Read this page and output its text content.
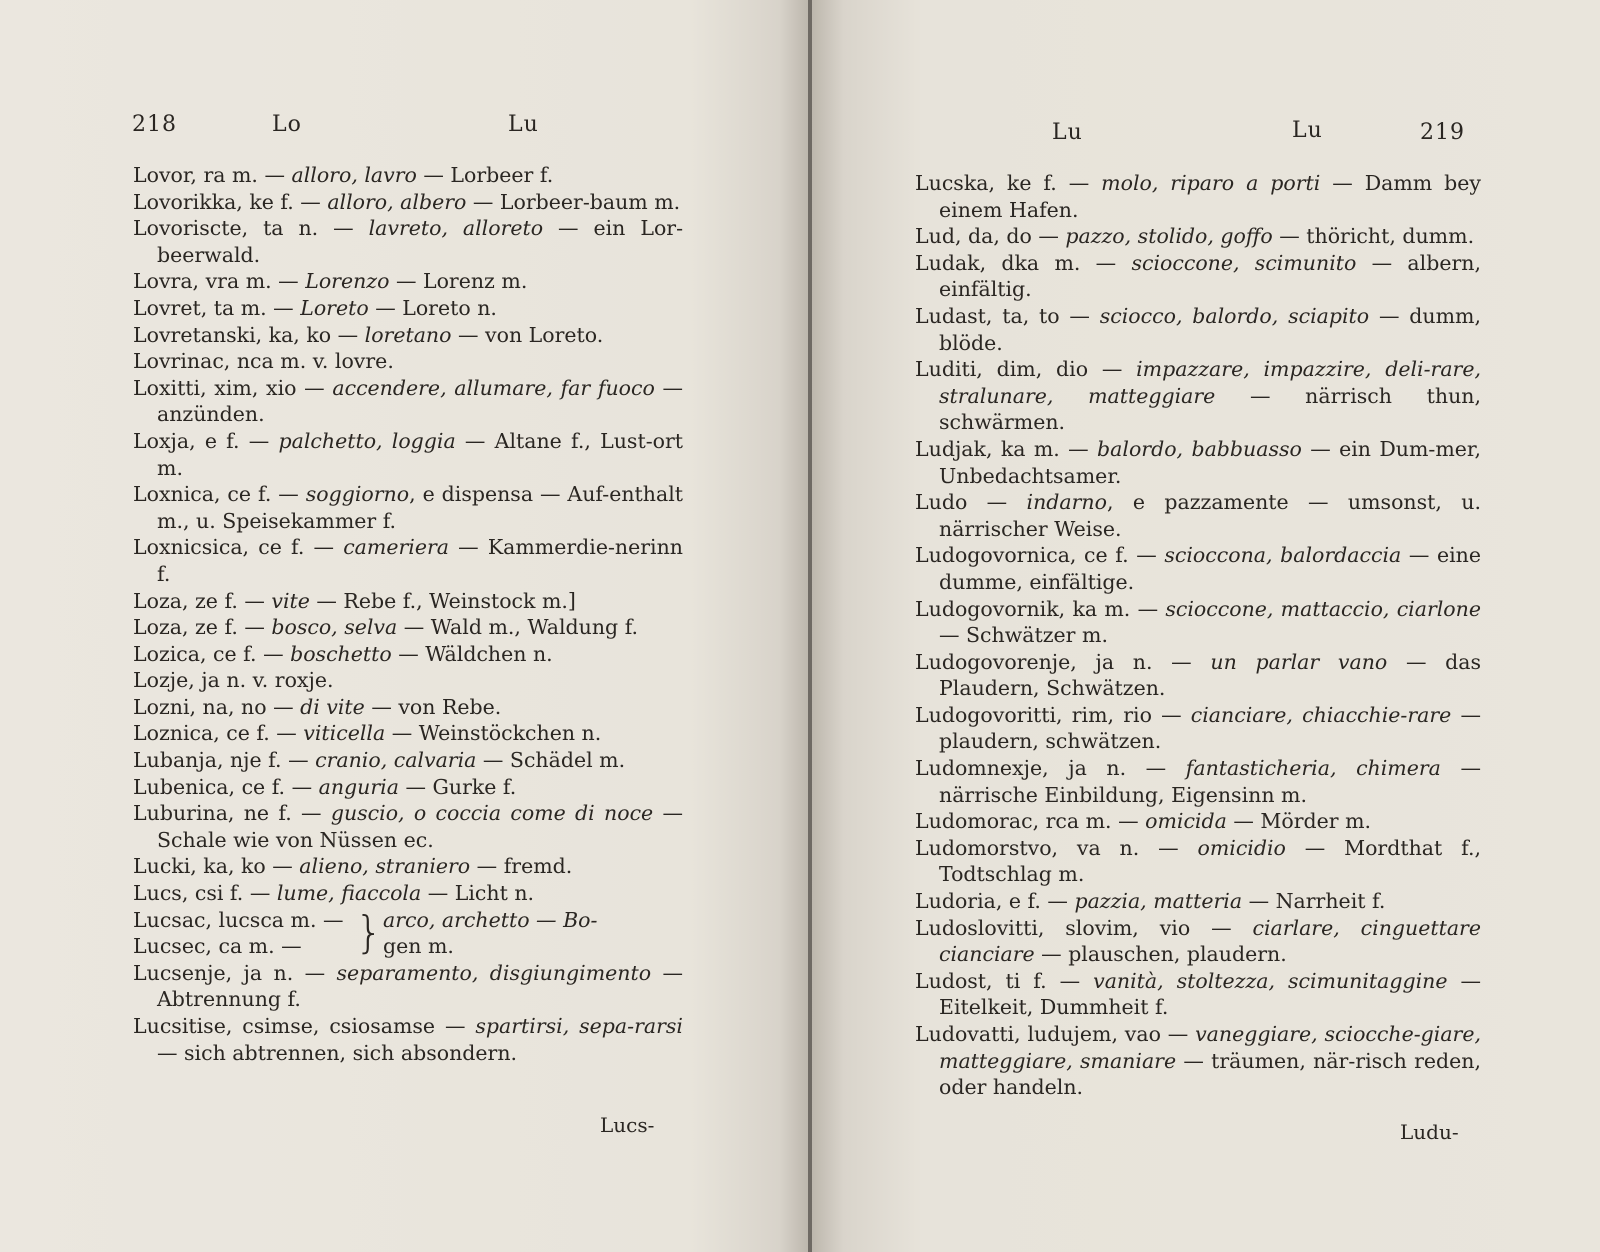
218	Lo	Lu
Lovor, ra m. — alloro, lavro — Lorbeer f.
Lovorikka, ke f. — alloro, albero — Lorbeer-baum m.
Lovoriscte, ta n. — lavreto, alloreto — ein Lor-beerwald.
Lovra, vra m. — Lorenzo — Lorenz m.
Lovret, ta m. — Loreto — Loreto n.
Lovretanski, ka, ko — loretano — von Loreto.
Lovrinac, nca m. v. lovre.
Loxitti, xim, xio — accendere, allumare, far fuoco — anzünden.
Loxja, e f. — palchetto, loggia — Altane f., Lust-ort m.
Loxnica, ce f. — soggiorno, e dispensa — Auf-enthalt m., u. Speisekammer f.
Loxnicsica, ce f. — cameriera — Kammerdie-nerinn f.
Loza, ze f. — vite — Rebe f., Weinstock m.]
Loza, ze f. — bosco, selva — Wald m., Waldung f.
Lozica, ce f. — boschetto — Wäldchen n.
Lozje, ja n. v. roxje.
Lozni, na, no — di vite — von Rebe.
Loznica, ce f. — viticella — Weinstöckchen n.
Lubanja, nje f. — cranio, calvaria — Schädel m.
Lubenica, ce f. — anguria — Gurke f.
Luburina, ne f. — guscio, o coccia come di noce — Schale wie von Nüssen ec.
Lucki, ka, ko — alieno, straniero — fremd.
Lucs, csi f. — lume, fiaccola — Licht n.
Lucsac, lucsca m. —
Lucsec, ca m. —	} arco, archetto — Bo-
gen m.
Lucsenje, ja n. — separamento, disgiungimento — Abtrennung f.
Lucsitise, csimse, csiosamse — spartirsi, sepa-rarsi — sich abtrennen, sich absondern.
Lucs-
Lu	Lu	219
Lucska, ke f. — molo, riparo a porti — Damm bey einem Hafen.
Lud, da, do — pazzo, stolido, goffo — thöricht, dumm.
Ludak, dka m. — scioccone, scimunito — albern, einfältig.
Ludast, ta, to — sciocco, balordo, sciapito — dumm, blöde.
Luditi, dim, dio — impazzare, impazzire, deli-rare, stralunare, matteggiare — närrisch thun, schwärmen.
Ludjak, ka m. — balordo, babbuasso — ein Dum-mer, Unbedachtsamer.
Ludo — indarno, e pazzamente — umsonst, u. närrischer Weise.
Ludogovornica, ce f. — scioccona, balordaccia — eine dumme, einfältige.
Ludogovornik, ka m. — scioccone, mattaccio, ciarlone — Schwätzer m.
Ludogovorenje, ja n. — un parlar vano — das Plaudern, Schwätzen.
Ludogovoritti, rim, rio — cianciare, chiacchie-rare — plaudern, schwätzen.
Ludomnexje, ja n. — fantasticheria, chimera — närrische Einbildung, Eigensinn m.
Ludomorac, rca m. — omicida — Mörder m.
Ludomorstvo, va n. — omicidio — Mordthat f., Todtschlag m.
Ludoria, e f. — pazzia, matteria — Narrheit f.
Ludoslovitti, slovim, vio — ciarlare, cinguettare cianciare — plauschen, plaudern.
Ludost, ti f. — vanità, stoltezza, scimunitaggine — Eitelkeit, Dummheit f.
Ludovatti, ludujem, vao — vaneggiare, sciocche-giare, matteggiare, smaniare — träumen, när-risch reden, oder handeln.
Ludu-
